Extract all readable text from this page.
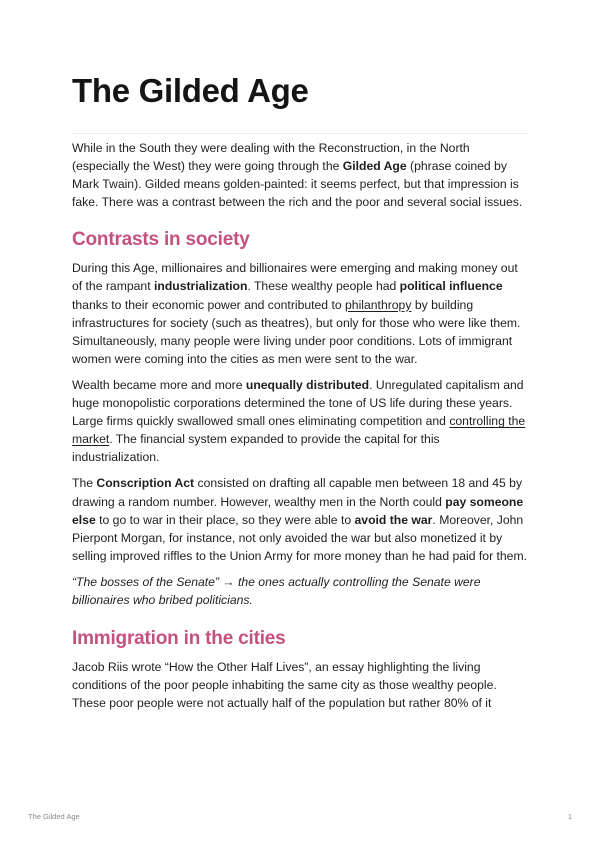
The Gilded Age

While in the South they were dealing with the Reconstruction, in the North (especially the West) they were going through the Gilded Age (phrase coined by Mark Twain). Gilded means golden-painted: it seems perfect, but that impression is fake. There was a contrast between the rich and the poor and several social issues.

Contrasts in society

During this Age, millionaires and billionaires were emerging and making money out of the rampant industrialization. These wealthy people had political influence thanks to their economic power and contributed to philanthropy by building infrastructures for society (such as theatres), but only for those who were like them. Simultaneously, many people were living under poor conditions. Lots of immigrant women were coming into the cities as men were sent to the war.

Wealth became more and more unequally distributed. Unregulated capitalism and huge monopolistic corporations determined the tone of US life during these years. Large firms quickly swallowed small ones eliminating competition and controlling the market. The financial system expanded to provide the capital for this industrialization.

The Conscription Act consisted on drafting all capable men between 18 and 45 by drawing a random number. However, wealthy men in the North could pay someone else to go to war in their place, so they were able to avoid the war. Moreover, John Pierpont Morgan, for instance, not only avoided the war but also monetized it by selling improved riffles to the Union Army for more money than he had paid for them.

“The bosses of the Senate” → the ones actually controlling the Senate were billionaires who bribed politicians.

Immigration in the cities

Jacob Riis wrote “How the Other Half Lives”, an essay highlighting the living conditions of the poor people inhabiting the same city as those wealthy people. These poor people were not actually half of the population but rather 80% of it

The Gilded Age	1
